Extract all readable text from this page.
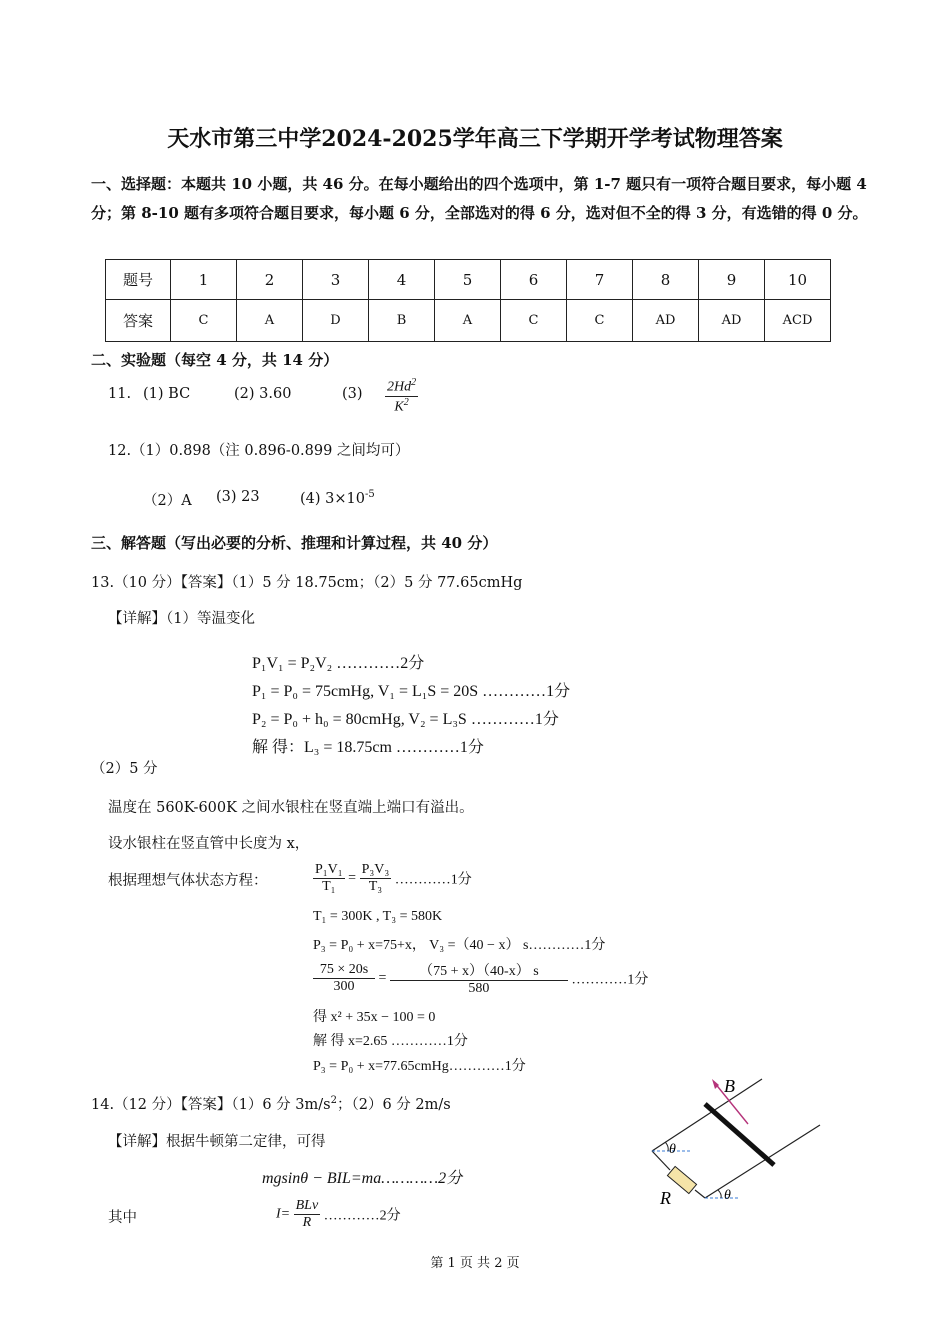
天水市第三中学2024-2025学年高三下学期开学考试物理答案
一、选择题：本题共 10 小题，共 46 分。在每小题给出的四个选项中，第 1-7 题只有一项符合题目要求，每小题 4 分；第 8-10 题有多项符合题目要求，每小题 6 分，全部选对的得 6 分，选对但不全的得 3 分，有选错的得 0 分。
题号	1	2	3	4	5	6	7	8	9	10
答案	C	A	D	B	A	C	C	AD	AD	ACD
二、实验题（每空 4 分，共 14 分）
11. (1) BC	(2) 3.60	$(3) \frac{2Hd^2}{K^2}$
12.（1）0.898（注 0.896-0.899 之间均可）
（2）A (3) 23	(4) $3\times 10^{-5}$
三、解答题（写出必要的分析、推理和计算过程，共 40 分）
13.（10 分）【答案】（1）5 分 18.75cm；（2）5 分 77.65cmHg
【详解】（1）等温变化
P₁V₁ = P₂V₂ …………2分
P₁ = P₀ = 75cmHg, V₁ = L₁S = 20S …………1分
P₂ = P₀ + h₀ = 80cmHg, V₂ = L₃S …………1分
解 得：L₃ = 18.75cm …………1分
（2）5 分
温度在 560K-600K 之间水银柱在竖直端上端口有溢出。
设水银柱在竖直管中长度为 x，
根据理想气体状态方程：	$\frac{\text{P₁V₁}}{\text{T₁}} = \frac{\text{P₃V₃}}{\text{T₃}}$ …………1分
T₁ = 300K , T₃ = 580K
P₃ = P₀ + x=75+x， V₃ =（40 − x） s…………1分
$\frac{75 \times 20s}{300} = \frac{(75 + x)(40-x) s}{580}$ …………1分
得 x² + 35x − 100 = 0
解 得 x=2.65 …………1分
P₃ = P₀ + x=77.65cmHg…………1分
14.（12 分）【答案】（1）6 分 $3m/s^2$；（2）6 分 2m/s
【详解】根据牛顿第二定律，可得
mgsinθ − BIL=ma…………2分
其中	$I= \frac{\text{BLv}}{R}$ …………2分
B
R
θ
θ
第 1 页 共 2 页
